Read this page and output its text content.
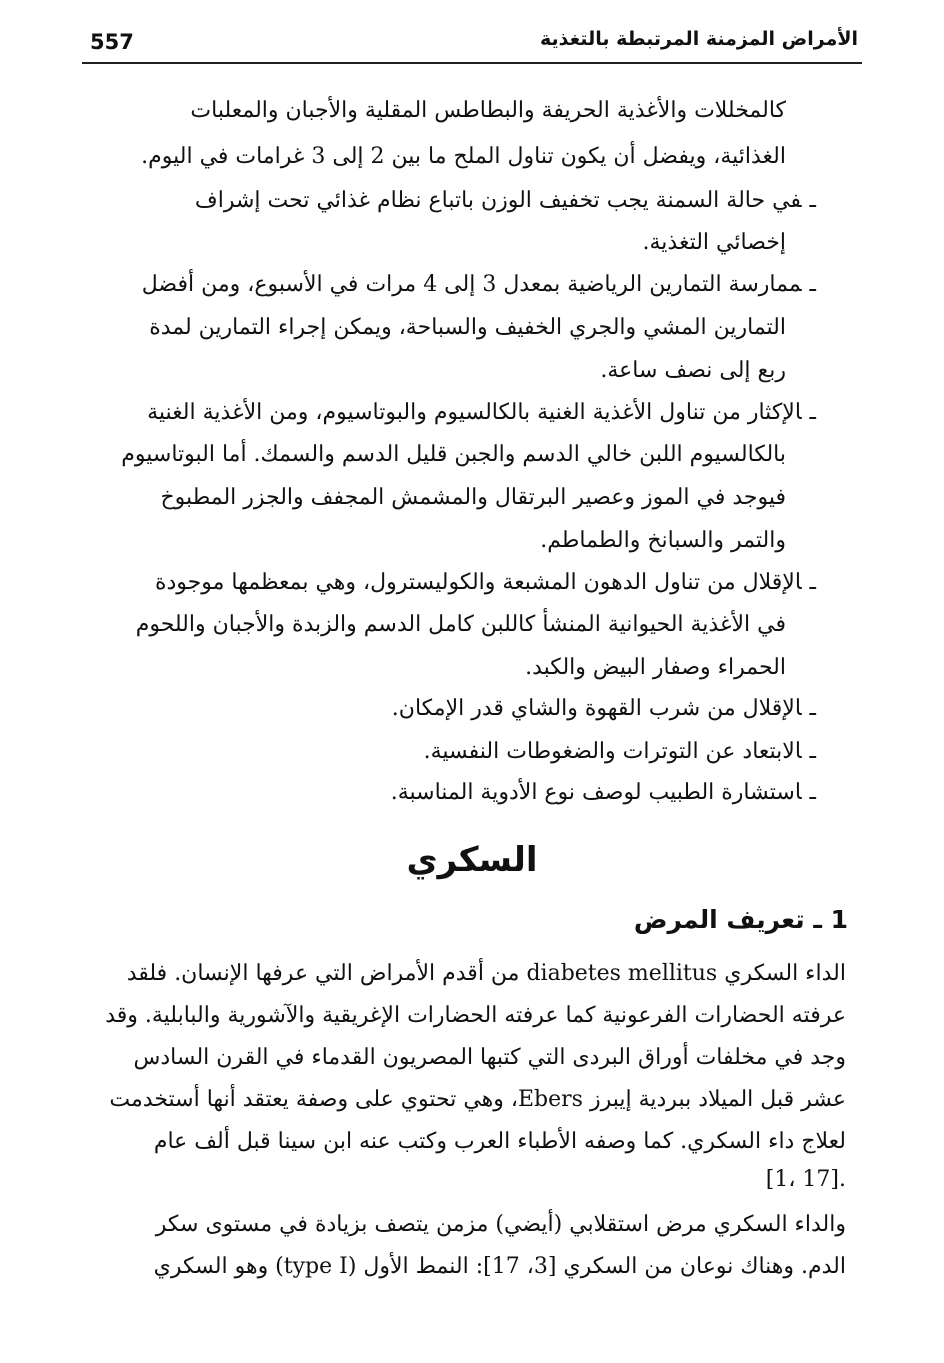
557	الأمراض المزمنة المرتبطة بالتغذية
كالمخللات والأغذية الحريفة والبطاطس المقلية والأجبان والمعلبات
الغذائية، ويفضل أن يكون تناول الملح ما بين 2 إلى 3 غرامات في اليوم.
ـفي حالة السمنة يجب تخفيف الوزن باتباع نظام غذائي تحت إشراف
إخصائي التغذية.
ـممارسة التمارين الرياضية بمعدل 3 إلى 4 مرات في الأسبوع، ومن أفضل
التمارين المشي والجري الخفيف والسباحة، ويمكن إجراء التمارين لمدة
ربع إلى نصف ساعة.
ـالإكثار من تناول الأغذية الغنية بالكالسيوم والبوتاسيوم، ومن الأغذية الغنية
بالكالسيوم اللبن خالي الدسم والجبن قليل الدسم والسمك. أما البوتاسيوم
فيوجد في الموز وعصير البرتقال والمشمش المجفف والجزر المطبوخ
والتمر والسبانخ والطماطم.
ـالإقلال من تناول الدهون المشبعة والكوليسترول، وهي بمعظمها موجودة
في الأغذية الحيوانية المنشأ كاللبن كامل الدسم والزبدة والأجبان واللحوم
الحمراء وصفار البيض والكبد.
ـالإقلال من شرب القهوة والشاي قدر الإمكان.
ـالابتعاد عن التوترات والضغوطات النفسية.
ـاستشارة الطبيب لوصف نوع الأدوية المناسبة.
السكري
1 ـ تعريف المرض
الداء السكري diabetes mellitus من أقدم الأمراض التي عرفها الإنسان. فلقد
عرفته الحضارات الفرعونية كما عرفته الحضارات الإغريقية والآشورية والبابلية. وقد
وجد في مخلفات أوراق البردى التي كتبها المصريون القدماء في القرن السادس
عشر قبل الميلاد ببردية إيبرز Ebers، وهي تحتوي على وصفة يعتقد أنها أستخدمت
لعلاج داء السكري. كما وصفه الأطباء العرب وكتب عنه ابن سينا قبل ألف عام
[1، 17].
والداء السكري مرض استقلابي (أيضي) مزمن يتصف بزيادة في مستوى سكر
الدم. وهناك نوعان من السكري [3، 17]: النمط الأول (type I) وهو السكري
